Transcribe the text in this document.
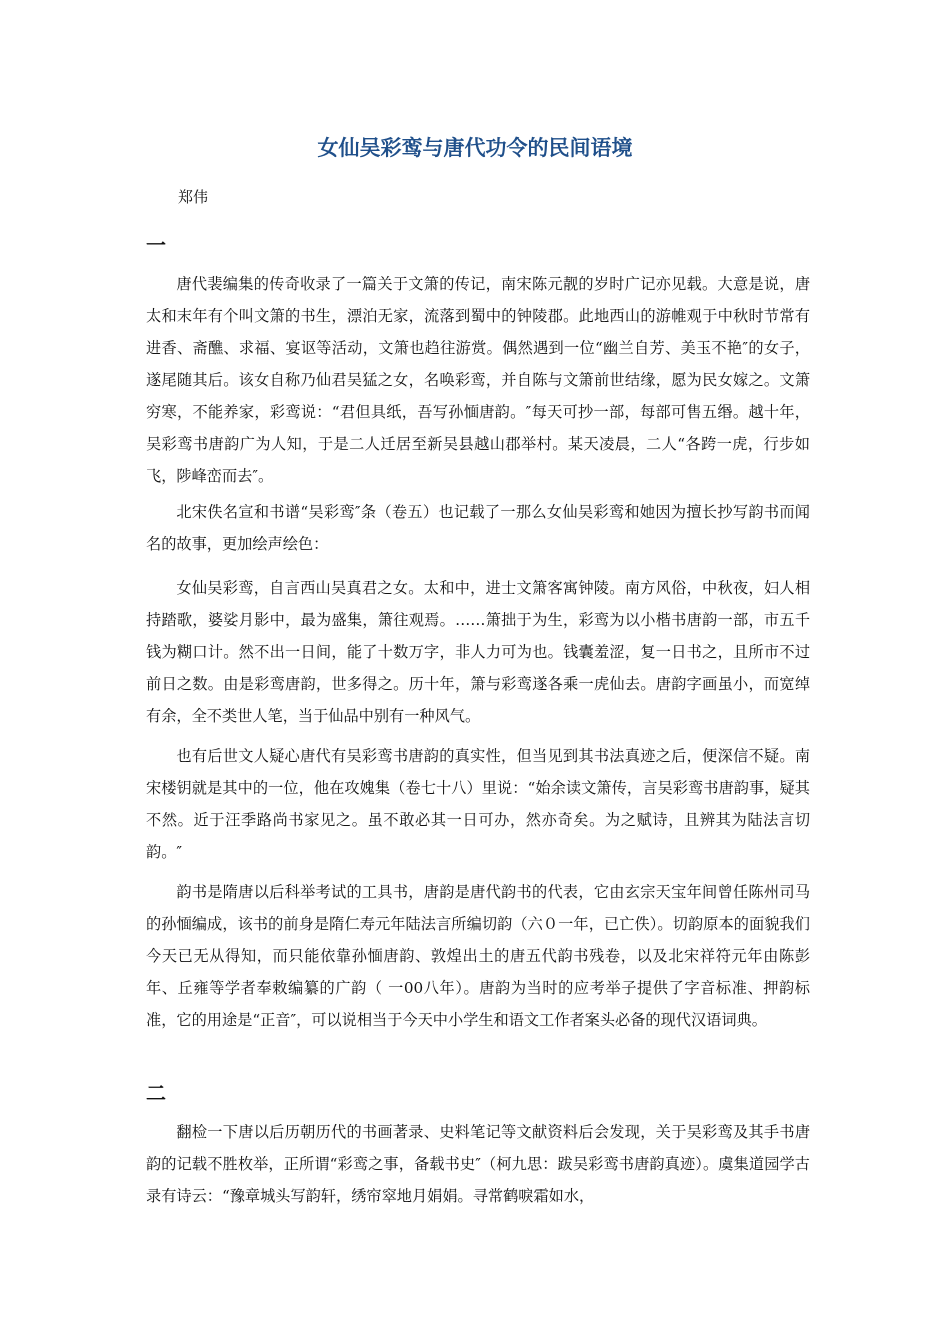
女仙吴彩鸾与唐代功令的民间语境
郑伟
一

唐代裴编集的传奇收录了一篇关于文箫的传记，南宋陈元靓的岁时广记亦见载。大意是说，唐太和末年有个叫文箫的书生，漂泊无家，流落到蜀中的钟陵郡。此地西山的游帷观于中秋时节常有进香、斋醮、求福、宴讴等活动，文箫也趋往游赏。偶然遇到一位“幽兰自芳、美玉不艳″的女子，遂尾随其后。该女自称乃仙君吴猛之女，名唤彩鸾，并自陈与文箫前世结缘，愿为民女嫁之。文箫穷寒，不能养家，彩鸾说：“君但具纸，吾写孙愐唐韵。″每天可抄一部，每部可售五缗。越十年，吴彩鸾书唐韵广为人知，于是二人迁居至新吴县越山郡举村。某天凌晨，二人“各跨一虎，行步如飞，陟峰峦而去″。

北宋佚名宣和书谱“吴彩鸾″条（卷五）也记载了一那么女仙吴彩鸾和她因为擅长抄写韵书而闻名的故事，更加绘声绘色：

女仙吴彩鸾，自言西山吴真君之女。太和中，进士文箫客寓钟陵。南方风俗，中秋夜，妇人相持踏歌，婆娑月影中，最为盛集，箫往观焉。……箫拙于为生，彩鸾为以小楷书唐韵一部，市五千钱为糊口计。然不出一日间，能了十数万字，非人力可为也。钱囊羞涩，复一日书之，且所市不过前日之数。由是彩鸾唐韵，世多得之。历十年，箫与彩鸾遂各乘一虎仙去。唐韵字画虽小，而宽绰有余，全不类世人笔，当于仙品中别有一种风气。

也有后世文人疑心唐代有吴彩鸾书唐韵的真实性，但当见到其书法真迹之后，便深信不疑。南宋楼钥就是其中的一位，他在攻媿集（卷七十八）里说：“始余读文箫传，言吴彩鸾书唐韵事，疑其不然。近于汪季路尚书家见之。虽不敢必其一日可办，然亦奇矣。为之赋诗，且辨其为陆法言切韵。″

韵书是隋唐以后科举考试的工具书，唐韵是唐代韵书的代表，它由玄宗天宝年间曾任陈州司马的孙愐编成，该书的前身是隋仁寿元年陆法言所编切韵（六０一年，已亡佚）。切韵原本的面貌我们今天已无从得知，而只能依靠孙愐唐韵、敦煌出土的唐五代韵书残卷，以及北宋祥符元年由陈彭年、丘雍等学者奉敕编纂的广韵（ 一00八年）。唐韵为当时的应考举子提供了字音标准、押韵标准，它的用途是“正音″，可以说相当于今天中小学生和语文工作者案头必备的现代汉语词典。

二

翻检一下唐以后历朝历代的书画著录、史料笔记等文献资料后会发现，关于吴彩鸾及其手书唐韵的记载不胜枚举，正所谓“彩鸾之事，备载书史″（柯九思：跋吴彩鸾书唐韵真迹）。虞集道园学古录有诗云：“豫章城头写韵轩，绣帘窣地月娟娟。寻常鹤唳霜如水，
